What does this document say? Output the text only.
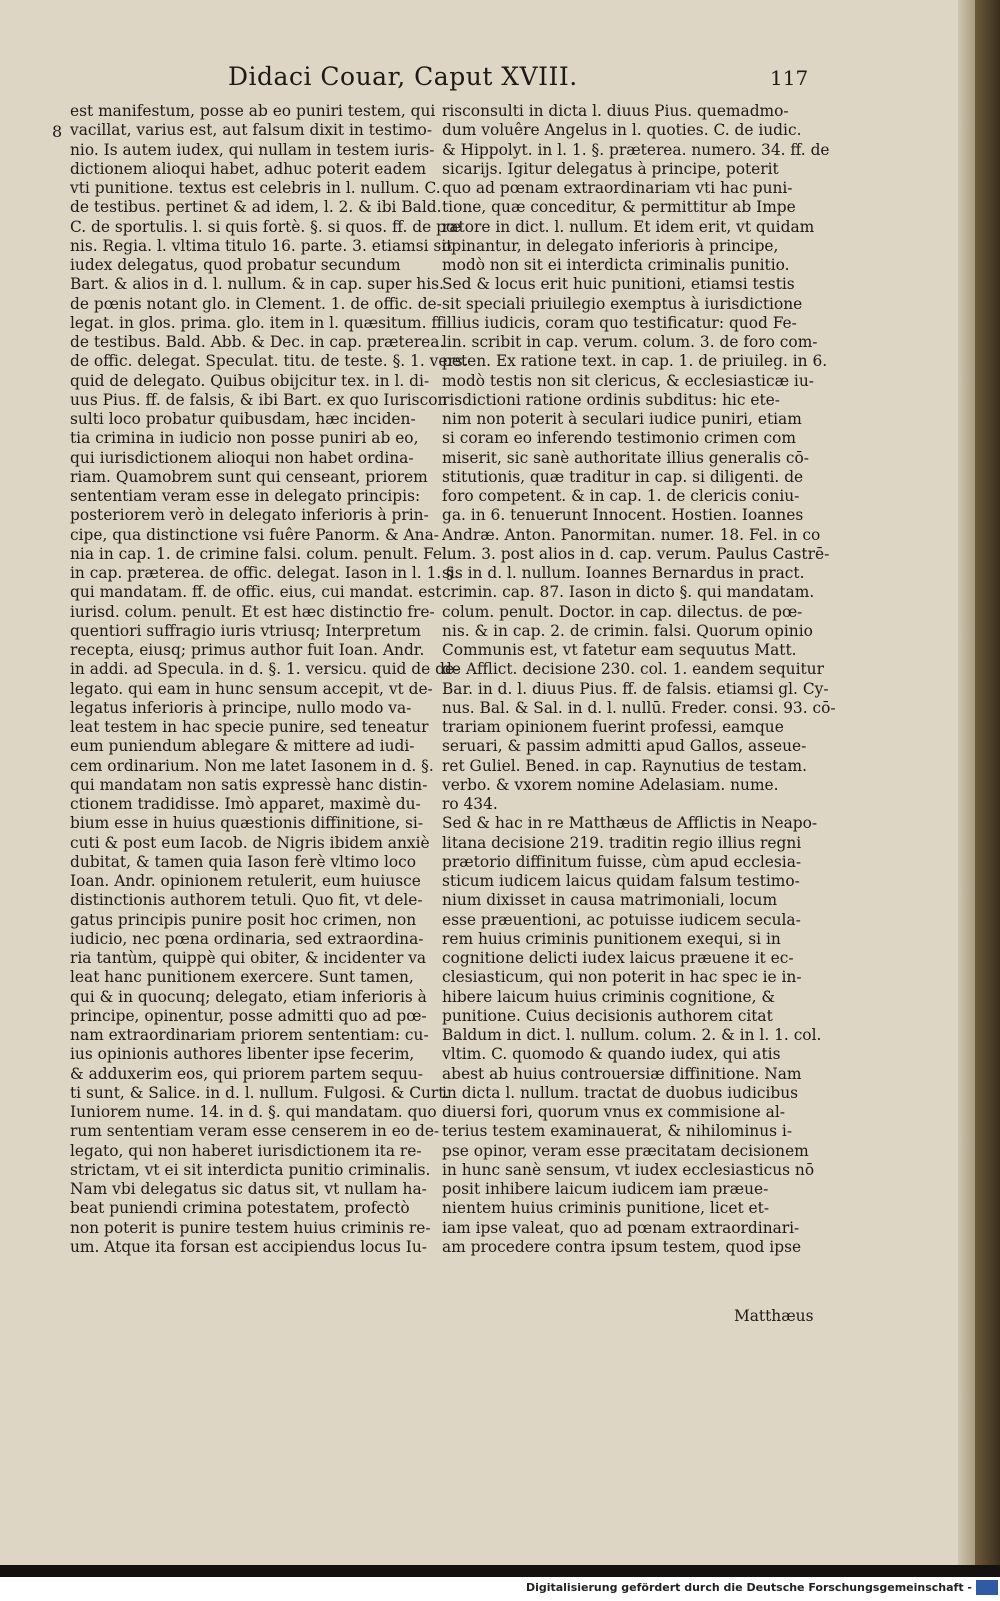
Didaci Couar, Caput XVIII.	117
8
est manifestum, posse ab eo puniri testem, qui
vacillat, varius est, aut falsum dixit in testimo-
nio. Is autem iudex, qui nullam in testem iuris-
dictionem alioqui habet, adhuc poterit eadem
vti punitione. textus est celebris in l. nullum. C.
de testibus. pertinet & ad idem, l. 2. & ibi Bald.
C. de sportulis. l. si quis fortè. §. si quos. ff. de pœ
nis. Regia. l. vltima titulo 16. parte. 3. etiamsi sit
iudex delegatus, quod probatur secundum
Bart. & alios in d. l. nullum. & in cap. super his.
de pœnis notant glo. in Clement. 1. de offic. de-
legat. in glos. prima. glo. item in l. quæsitum. ff.
de testibus. Bald. Abb. & Dec. in cap. præterea.
de offic. delegat. Speculat. titu. de teste. §. 1. vers.
quid de delegato. Quibus obijcitur tex. in l. di-
uus Pius. ff. de falsis, & ibi Bart. ex quo Iuriscon
sulti loco probatur quibusdam, hæc inciden-
tia crimina in iudicio non posse puniri ab eo,
qui iurisdictionem alioqui non habet ordina-
riam. Quamobrem sunt qui censeant, priorem
sententiam veram esse in delegato principis:
posteriorem verò in delegato inferioris à prin-
cipe, qua distinctione vsi fuêre Panorm. & Ana-
nia in cap. 1. de crimine falsi. colum. penult. Fel.
in cap. præterea. de offic. delegat. Iason in l. 1. §.
qui mandatam. ff. de offic. eius, cui mandat. est
iurisd. colum. penult. Et est hæc distinctio fre-
quentiori suffragio iuris vtriusq; Interpretum
recepta, eiusq; primus author fuit Ioan. Andr.
in addi. ad Specula. in d. §. 1. versicu. quid de de-
legato. qui eam in hunc sensum accepit, vt de-
legatus inferioris à principe, nullo modo va-
leat testem in hac specie punire, sed teneatur
eum puniendum ablegare & mittere ad iudi-
cem ordinarium. Non me latet Iasonem in d. §.
qui mandatam non satis expressè hanc distin-
ctionem tradidisse. Imò apparet, maximè du-
bium esse in huius quæstionis diffinitione, si-
cuti & post eum Iacob. de Nigris ibidem anxiè
dubitat, & tamen quia Iason ferè vltimo loco
Ioan. Andr. opinionem retulerit, eum huiusce
distinctionis authorem tetuli. Quo fit, vt dele-
gatus principis punire posit hoc crimen, non
iudicio, nec pœna ordinaria, sed extraordina-
ria tantùm, quippè qui obiter, & incidenter va
leat hanc punitionem exercere. Sunt tamen,
qui & in quocunq; delegato, etiam inferioris à
principe, opinentur, posse admitti quo ad pœ-
nam extraordinariam priorem sententiam: cu-
ius opinionis authores libenter ipse fecerim,
& adduxerim eos, qui priorem partem sequu-
ti sunt, & Salice. in d. l. nullum. Fulgosi. & Curt.
Iuniorem nume. 14. in d. §. qui mandatam. quo
rum sententiam veram esse censerem in eo de-
legato, qui non haberet iurisdictionem ita re-
strictam, vt ei sit interdicta punitio criminalis.
Nam vbi delegatus sic datus sit, vt nullam ha-
beat puniendi crimina potestatem, profectò
non poterit is punire testem huius criminis re-
um. Atque ita forsan est accipiendus locus Iu-
risconsulti in dicta l. diuus Pius. quemadmo-
dum voluêre Angelus in l. quoties. C. de iudic.
& Hippolyt. in l. 1. §. præterea. numero. 34. ff. de
sicarijs. Igitur delegatus à principe, poterit
quo ad pœnam extraordinariam vti hac puni-
tione, quæ conceditur, & permittitur ab Impe
ratore in dict. l. nullum. Et idem erit, vt quidam
opinantur, in delegato inferioris à principe,
modò non sit ei interdicta criminalis punitio.
Sed & locus erit huic punitioni, etiamsi testis
sit speciali priuilegio exemptus à iurisdictione
illius iudicis, coram quo testificatur: quod Fe-
lin. scribit in cap. verum. colum. 3. de foro com-
peten. Ex ratione text. in cap. 1. de priuileg. in 6.
modò testis non sit clericus, & ecclesiasticæ iu-
risdictioni ratione ordinis subditus: hic ete-
nim non poterit à seculari iudice puniri, etiam
si coram eo inferendo testimonio crimen com
miserit, sic sanè authoritate illius generalis cō-
stitutionis, quæ traditur in cap. si diligenti. de
foro competent. & in cap. 1. de clericis coniu-
ga. in 6. tenuerunt Innocent. Hostien. Ioannes
Andræ. Anton. Panormitan. numer. 18. Fel. in co
lum. 3. post alios in d. cap. verum. Paulus Castrē-
sis in d. l. nullum. Ioannes Bernardus in pract.
crimin. cap. 87. Iason in dicto §. qui mandatam.
colum. penult. Doctor. in cap. dilectus. de pœ-
nis. & in cap. 2. de crimin. falsi. Quorum opinio
Communis est, vt fatetur eam sequutus Matt.
de Afflict. decisione 230. col. 1. eandem sequitur
Bar. in d. l. diuus Pius. ff. de falsis. etiamsi gl. Cy-
nus. Bal. & Sal. in d. l. nullū. Freder. consi. 93. cō-
trariam opinionem fuerint professi, eamque
seruari, & passim admitti apud Gallos, asseue-
ret Guliel. Bened. in cap. Raynutius de testam.
verbo. & vxorem nomine Adelasiam. nume.
ro 434.
Sed & hac in re Matthæus de Afflictis in Neapo-
litana decisione 219. traditin regio illius regni
prætorio diffinitum fuisse, cùm apud ecclesia-
sticum iudicem laicus quidam falsum testimo-
nium dixisset in causa matrimoniali, locum
esse præuentioni, ac potuisse iudicem secula-
rem huius criminis punitionem exequi, si in
cognitione delicti iudex laicus præuene it ec-
clesiasticum, qui non poterit in hac spec ie in-
hibere laicum huius criminis cognitione, &
punitione. Cuius decisionis authorem citat
Baldum in dict. l. nullum. colum. 2. & in l. 1. col.
vltim. C. quomodo & quando iudex, qui atis
abest ab huius controuersiæ diffinitione. Nam
in dicta l. nullum. tractat de duobus iudicibus
diuersi fori, quorum vnus ex commisione al-
terius testem examinauerat, & nihilominus i-
pse opinor, veram esse præcitatam decisionem
in hunc sanè sensum, vt iudex ecclesiasticus nō
posit inhibere laicum iudicem iam præue-
nientem huius criminis punitione, licet et-
iam ipse valeat, quo ad pœnam extraordinari-
am procedere contra ipsum testem, quod ipse
Matthæus
Digitalisierung gefördert durch die Deutsche Forschungsgemeinschaft -
